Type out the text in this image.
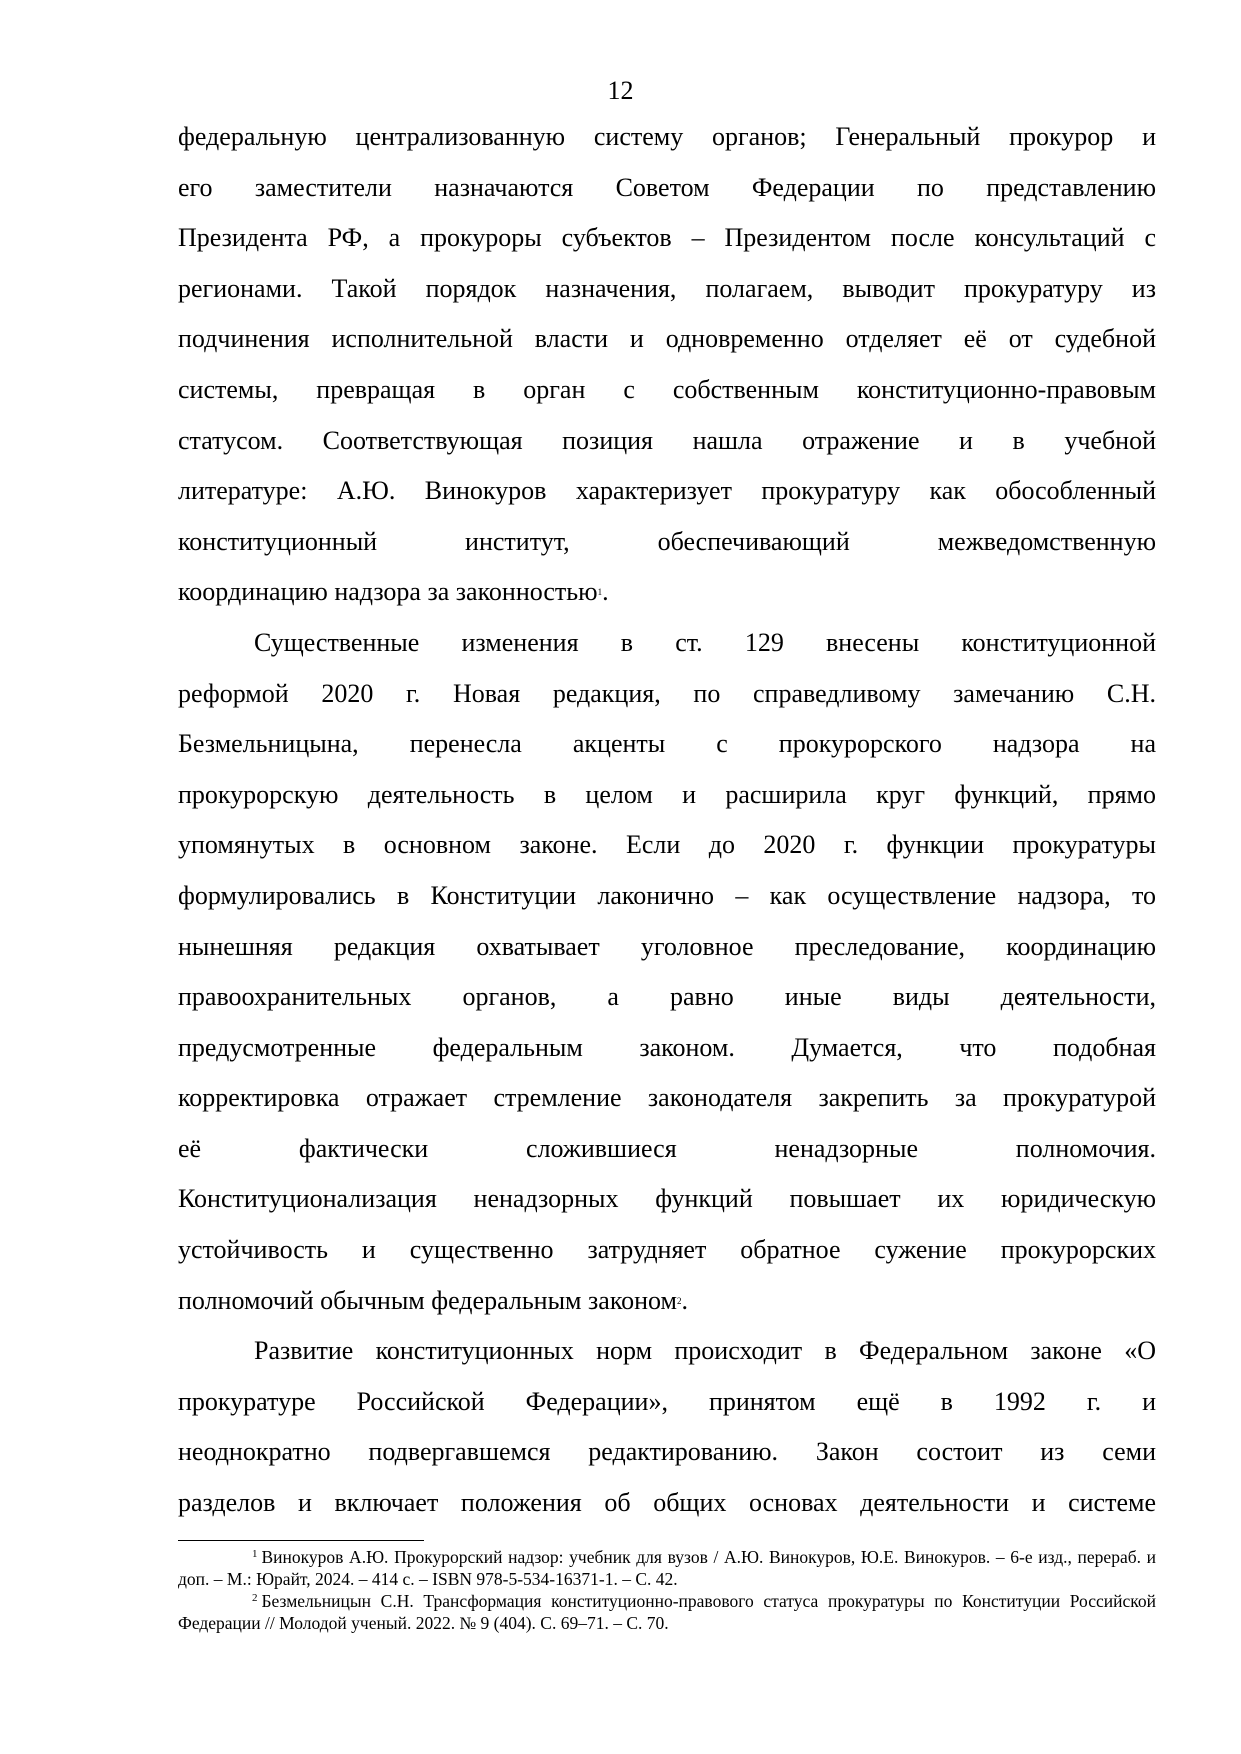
12

федеральную централизованную систему органов; Генеральный прокурор и

его заместители назначаются Советом Федерации по представлению

Президента РФ, а прокуроры субъектов – Президентом после консультаций с

регионами. Такой порядок назначения, полагаем, выводит прокуратуру из

подчинения исполнительной власти и одновременно отделяет её от судебной

системы, превращая в орган с собственным конституционно-правовым

статусом. Соответствующая позиция нашла отражение и в учебной

литературе: А.Ю. Винокуров характеризует прокуратуру как обособленный

конституционный институт, обеспечивающий межведомственную

координацию надзора за законностью1.

Существенные изменения в ст. 129 внесены конституционной

реформой 2020 г. Новая редакция, по справедливому замечанию С.Н.

Безмельницына, перенесла акценты с прокурорского надзора на

прокурорскую деятельность в целом и расширила круг функций, прямо

упомянутых в основном законе. Если до 2020 г. функции прокуратуры

формулировались в Конституции лаконично – как осуществление надзора, то

нынешняя редакция охватывает уголовное преследование, координацию

правоохранительных органов, а равно иные виды деятельности,

предусмотренные федеральным законом. Думается, что подобная

корректировка отражает стремление законодателя закрепить за прокуратурой

её фактически сложившиеся ненадзорные полномочия.

Конституционализация ненадзорных функций повышает их юридическую

устойчивость и существенно затрудняет обратное сужение прокурорских

полномочий обычным федеральным законом2.

Развитие конституционных норм происходит в Федеральном законе «О

прокуратуре Российской Федерации», принятом ещё в 1992 г. и

неоднократно подвергавшемся редактированию. Закон состоит из семи

разделов и включает положения об общих основах деятельности и системе

$^1$ Винокуров А.Ю. Прокурорский надзор: учебник для вузов / А.Ю. Винокуров, Ю.Е. Винокуров. – 6-е изд., перераб. и доп. – М.: Юрайт, 2024. – 414 с. – ISBN 978-5-534-16371-1. – С. 42.

$^2$ Безмельницын С.Н. Трансформация конституционно-правового статуса прокуратуры по Конституции Российской Федерации // Молодой ученый. 2022. № 9 (404). С. 69–71. – С. 70.
